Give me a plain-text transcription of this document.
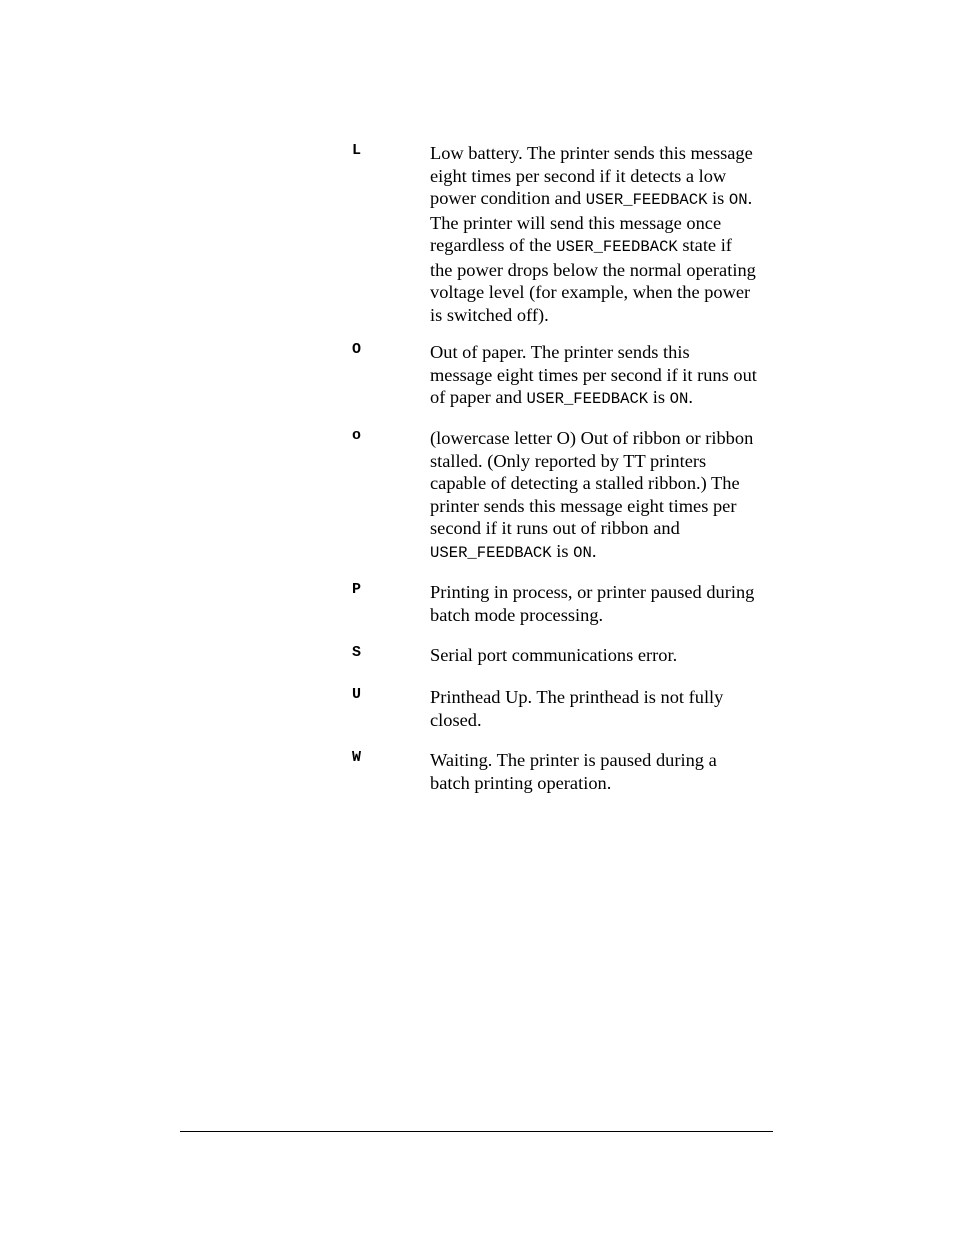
L	Low battery. The printer sends this message
eight times per second if it detects a low
power condition and USER_FEEDBACK is ON.
The printer will send this message once
regardless of the USER_FEEDBACK state if
the power drops below the normal operating
voltage level (for example, when the power
is switched off).
O	Out of paper. The printer sends this
message eight times per second if it runs out
of paper and USER_FEEDBACK is ON.
o	(lowercase letter O) Out of ribbon or ribbon
stalled. (Only reported by TT printers
capable of detecting a stalled ribbon.) The
printer sends this message eight times per
second if it runs out of ribbon and
USER_FEEDBACK is ON.
P	Printing in process, or printer paused during
batch mode processing.
S	Serial port communications error.
U	Printhead Up. The printhead is not fully
closed.
W	Waiting. The printer is paused during a
batch printing operation.
